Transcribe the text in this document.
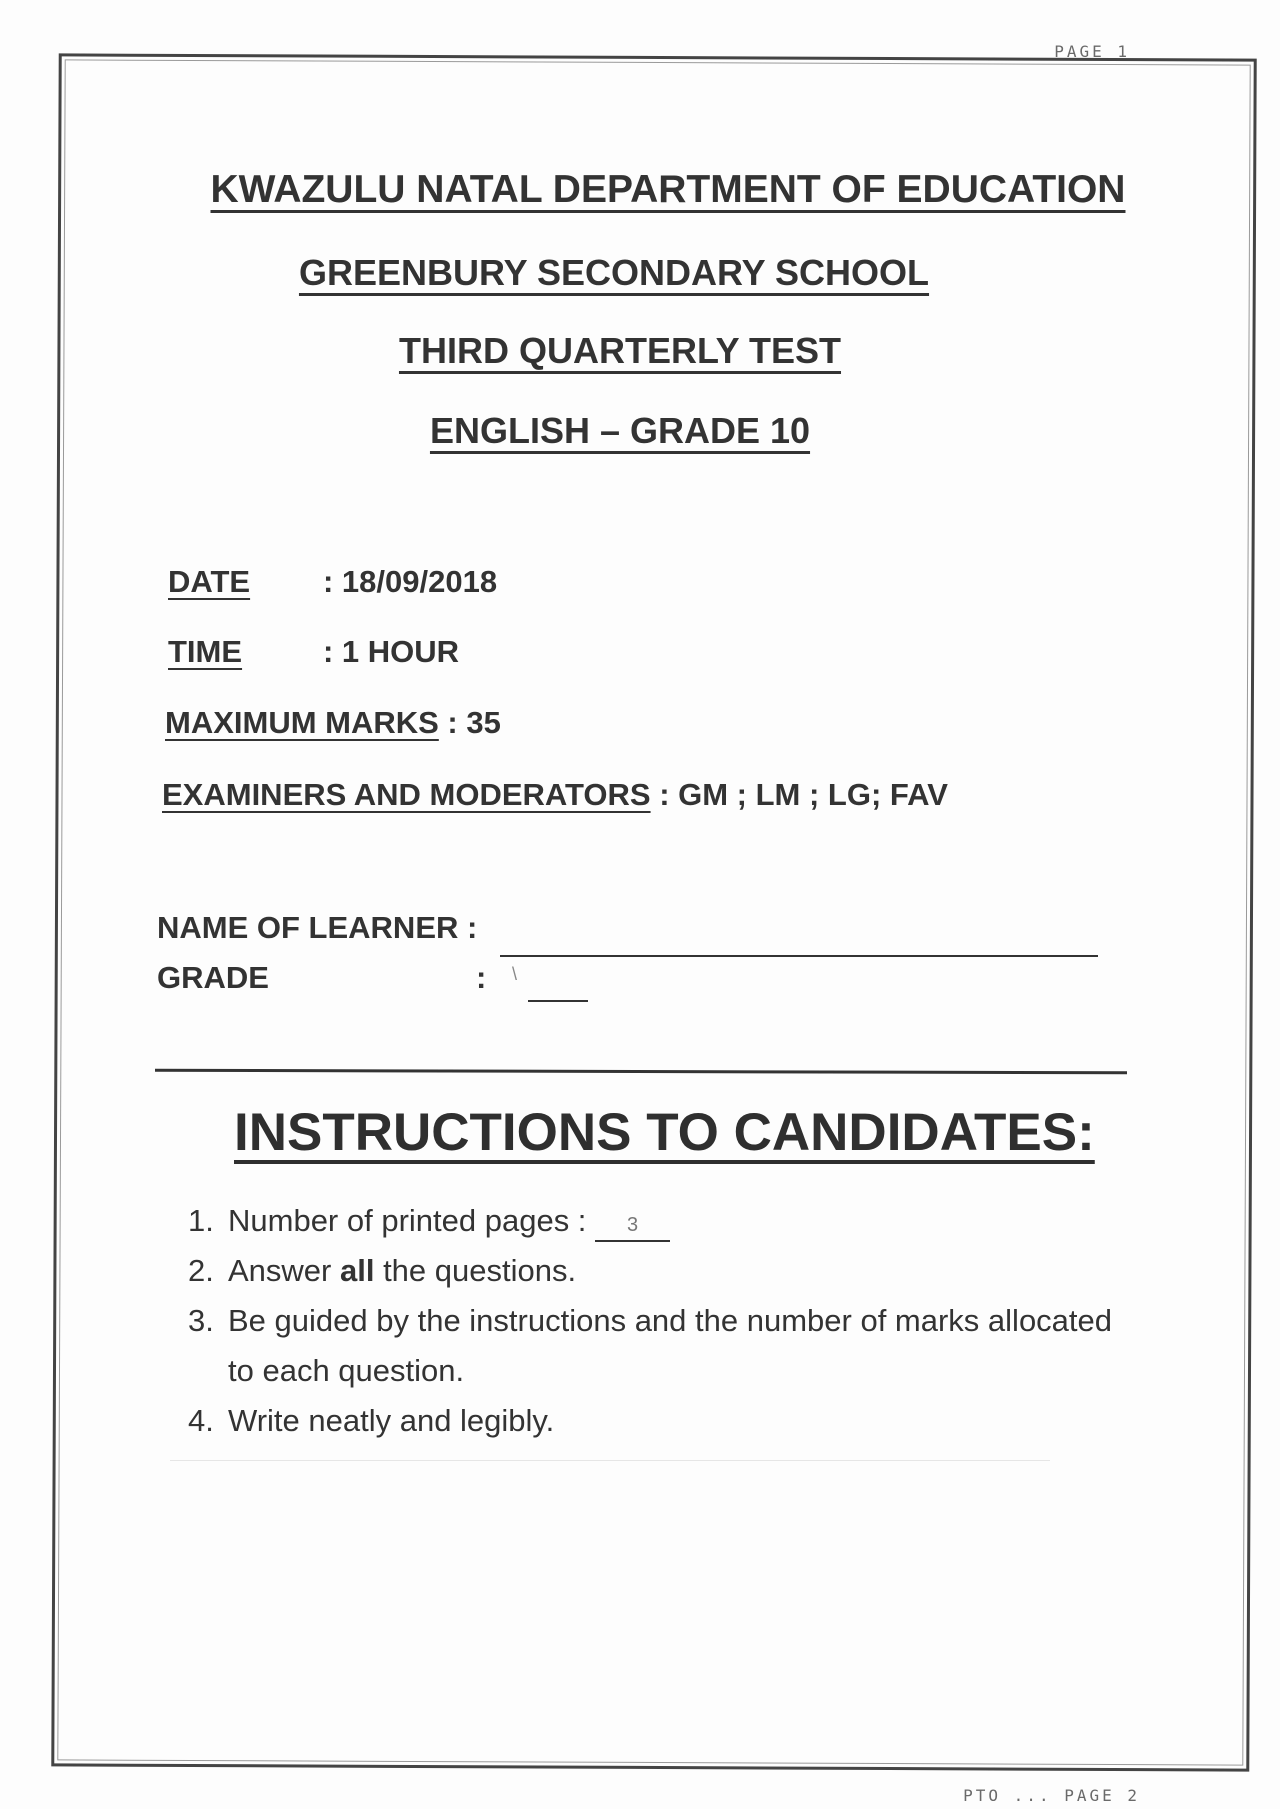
PAGE 1
KWAZULU NATAL DEPARTMENT OF EDUCATION
GREENBURY SECONDARY SCHOOL
THIRD QUARTERLY TEST
ENGLISH – GRADE 10
DATE : 18/09/2018
TIME	: 1 HOUR
MAXIMUM MARKS : 35
EXAMINERS AND MODERATORS : GM ; LM ; LG; FAV
NAME OF LEARNER :
GRADE	: \
INSTRUCTIONS TO CANDIDATES:
1. Number of printed pages : 3
2. Answer all the questions.
3. Be guided by the instructions and the number of marks allocated to each question.
4. Write neatly and legibly.
PTO ... PAGE 2
